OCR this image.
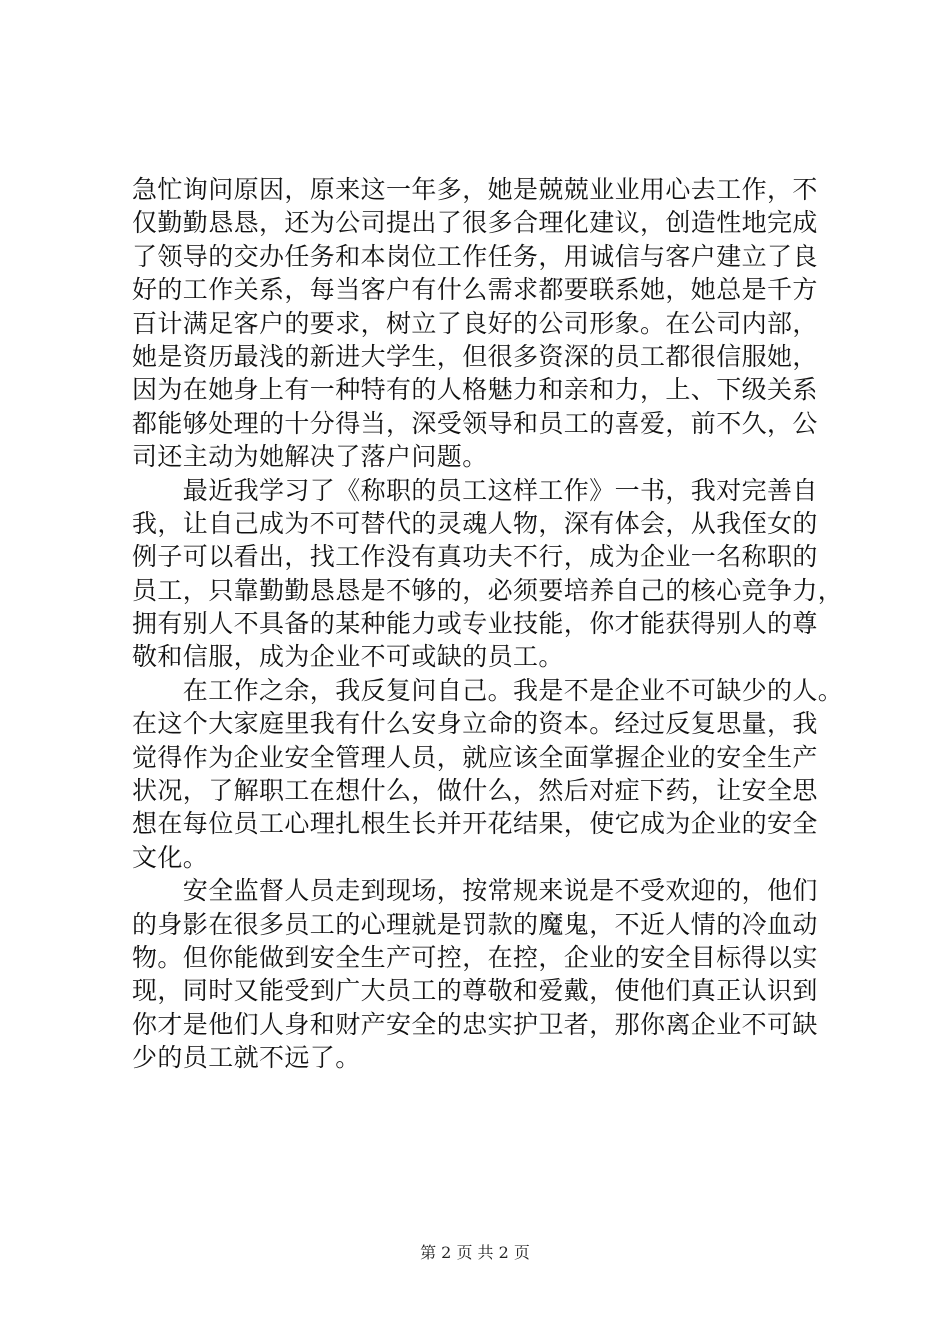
急忙询问原因，原来这一年多，她是兢兢业业用心去工作，不
仅勤勤恳恳，还为公司提出了很多合理化建议，创造性地完成
了领导的交办任务和本岗位工作任务，用诚信与客户建立了良
好的工作关系，每当客户有什么需求都要联系她，她总是千方
百计满足客户的要求，树立了良好的公司形象。在公司内部，
她是资历最浅的新进大学生，但很多资深的员工都很信服她，
因为在她身上有一种特有的人格魅力和亲和力，上、下级关系
都能够处理的十分得当，深受领导和员工的喜爱，前不久，公
司还主动为她解决了落户问题。
　　最近我学习了《称职的员工这样工作》一书，我对完善自
我，让自己成为不可替代的灵魂人物，深有体会，从我侄女的
例子可以看出，找工作没有真功夫不行，成为企业一名称职的
员工，只靠勤勤恳恳是不够的，必须要培养自己的核心竞争力，
拥有别人不具备的某种能力或专业技能，你才能获得别人的尊
敬和信服，成为企业不可或缺的员工。
　　在工作之余，我反复问自己。我是不是企业不可缺少的人。
在这个大家庭里我有什么安身立命的资本。经过反复思量，我
觉得作为企业安全管理人员，就应该全面掌握企业的安全生产
状况，了解职工在想什么，做什么，然后对症下药，让安全思
想在每位员工心理扎根生长并开花结果，使它成为企业的安全
文化。
　　安全监督人员走到现场，按常规来说是不受欢迎的，他们
的身影在很多员工的心理就是罚款的魔鬼，不近人情的冷血动
物。但你能做到安全生产可控，在控，企业的安全目标得以实
现，同时又能受到广大员工的尊敬和爱戴，使他们真正认识到
你才是他们人身和财产安全的忠实护卫者，那你离企业不可缺
少的员工就不远了。
第 2 页 共 2 页
